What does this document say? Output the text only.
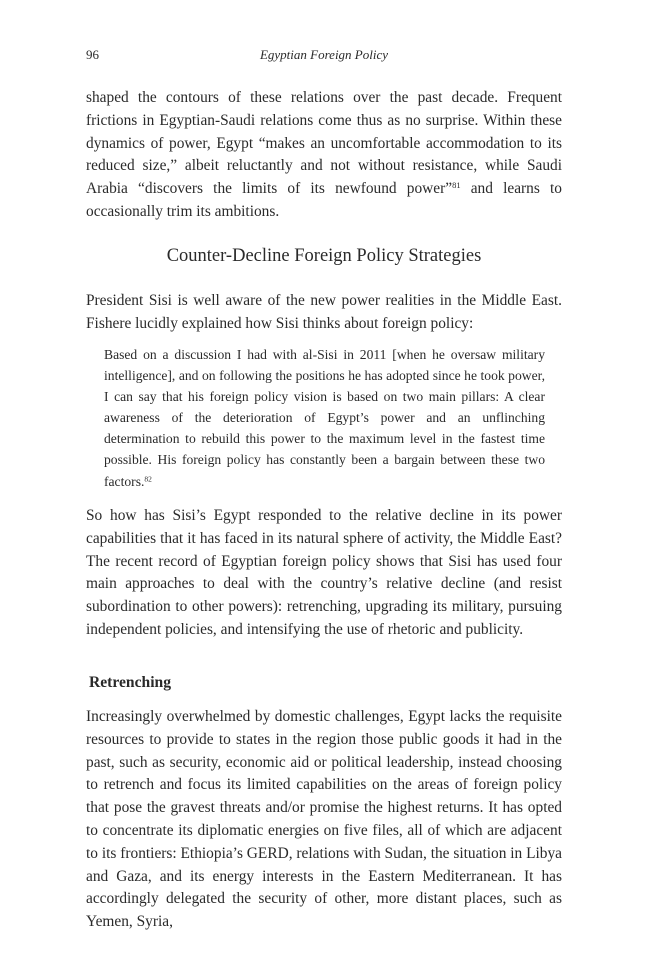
96	Egyptian Foreign Policy

shaped the contours of these relations over the past decade. Frequent frictions in Egyptian-Saudi relations come thus as no surprise. Within these dynamics of power, Egypt “makes an uncomfortable accommodation to its reduced size,” albeit reluctantly and not without resistance, while Saudi Arabia “discovers the limits of its newfound power”$^{81}$ and learns to occasionally trim its ambitions.

Counter-Decline Foreign Policy Strategies

President Sisi is well aware of the new power realities in the Middle East. Fishere lucidly explained how Sisi thinks about foreign policy:

Based on a discussion I had with al-Sisi in 2011 [when he oversaw military intelligence], and on following the positions he has adopted since he took power, I can say that his foreign policy vision is based on two main pillars: A clear awareness of the deterioration of Egypt’s power and an unflinching determination to rebuild this power to the maximum level in the fastest time possible. His foreign policy has constantly been a bargain between these two factors.$^{82}$

So how has Sisi’s Egypt responded to the relative decline in its power capabilities that it has faced in its natural sphere of activity, the Middle East? The recent record of Egyptian foreign policy shows that Sisi has used four main approaches to deal with the country’s relative decline (and resist subordination to other powers): retrenching, upgrading its military, pursuing independent policies, and intensifying the use of rhetoric and publicity.

Retrenching

Increasingly overwhelmed by domestic challenges, Egypt lacks the requisite resources to provide to states in the region those public goods it had in the past, such as security, economic aid or political leadership, instead choosing to retrench and focus its limited capabilities on the areas of foreign policy that pose the gravest threats and/or promise the highest returns. It has opted to concentrate its diplomatic energies on five files, all of which are adjacent to its frontiers: Ethiopia’s GERD, relations with Sudan, the situation in Libya and Gaza, and its energy interests in the Eastern Mediterranean. It has accordingly delegated the security of other, more distant places, such as Yemen, Syria,
